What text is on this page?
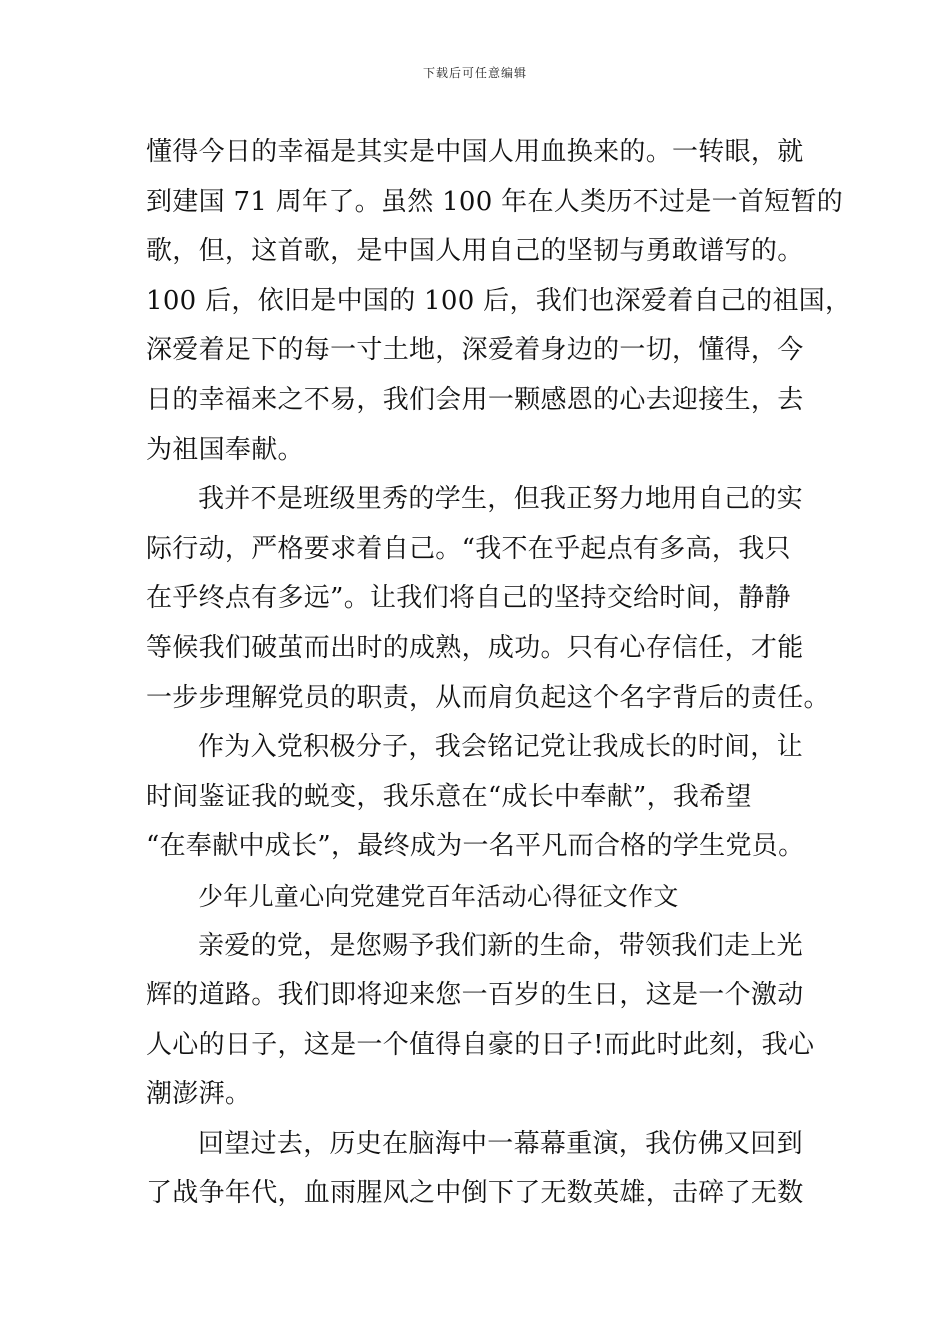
下载后可任意编辑
懂得今日的幸福是其实是中国人用血换来的。一转眼，就
到建国 71 周年了。虽然 100 年在人类历不过是一首短暂的
歌，但，这首歌，是中国人用自己的坚韧与勇敢谱写的。
100 后，依旧是中国的 100 后，我们也深爱着自己的祖国，
深爱着足下的每一寸土地，深爱着身边的一切，懂得，今
日的幸福来之不易，我们会用一颗感恩的心去迎接生，去
为祖国奉献。
我并不是班级里秀的学生，但我正努力地用自己的实
际行动，严格要求着自己。“我不在乎起点有多高，我只
在乎终点有多远”。让我们将自己的坚持交给时间，静静
等候我们破茧而出时的成熟，成功。只有心存信任，才能
一步步理解党员的职责，从而肩负起这个名字背后的责任。
作为入党积极分子，我会铭记党让我成长的时间，让
时间鉴证我的蜕变，我乐意在“成长中奉献”，我希望
“在奉献中成长”，最终成为一名平凡而合格的学生党员。
少年儿童心向党建党百年活动心得征文作文
亲爱的党，是您赐予我们新的生命，带领我们走上光
辉的道路。我们即将迎来您一百岁的生日，这是一个激动
人心的日子，这是一个值得自豪的日子!而此时此刻，我心
潮澎湃。
回望过去，历史在脑海中一幕幕重演，我仿佛又回到
了战争年代，血雨腥风之中倒下了无数英雄，击碎了无数
